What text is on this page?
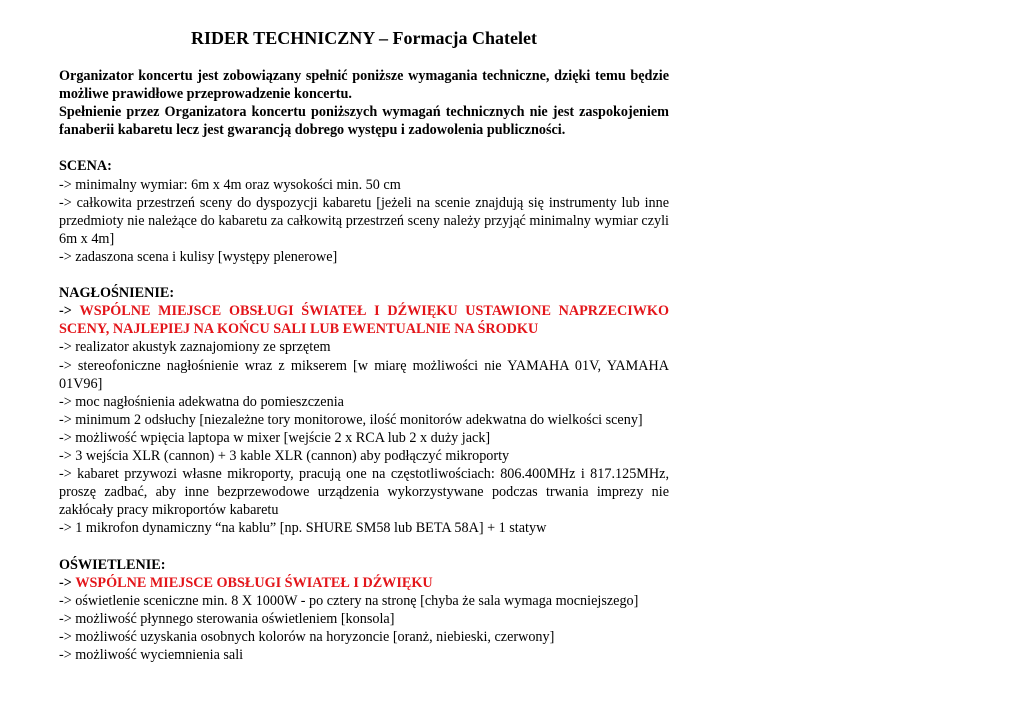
RIDER TECHNICZNY – Formacja Chatelet

Organizator koncertu jest zobowiązany spełnić poniższe wymagania techniczne, dzięki temu będzie możliwe prawidłowe przeprowadzenie koncertu.

Spełnienie przez Organizatora koncertu poniższych wymagań technicznych nie jest zaspokojeniem fanaberii kabaretu lecz jest gwarancją dobrego występu i zadowolenia publiczności.

SCENA:

-> minimalny wymiar: 6m x 4m oraz wysokości min. 50 cm

-> całkowita przestrzeń sceny do dyspozycji kabaretu [jeżeli na scenie znajdują się instrumenty lub inne przedmioty nie należące do kabaretu za całkowitą przestrzeń sceny należy przyjąć minimalny wymiar czyli 6m x 4m]

-> zadaszona scena i kulisy [występy plenerowe]

NAGŁOŚNIENIE:

-> WSPÓLNE MIEJSCE OBSŁUGI ŚWIATEŁ I DŹWIĘKU USTAWIONE NAPRZECIWKO SCENY, NAJLEPIEJ NA KOŃCU SALI LUB EWENTUALNIE NA ŚRODKU

-> realizator akustyk zaznajomiony ze sprzętem

-> stereofoniczne nagłośnienie wraz z mikserem [w miarę możliwości nie YAMAHA 01V, YAMAHA 01V96]

-> moc nagłośnienia adekwatna do pomieszczenia

-> minimum 2 odsłuchy [niezależne tory monitorowe, ilość monitorów adekwatna do wielkości sceny]

-> możliwość wpięcia laptopa w mixer [wejście 2 x RCA lub 2 x duży jack]

-> 3 wejścia XLR (cannon) + 3 kable XLR (cannon) aby podłączyć mikroporty

-> kabaret przywozi własne mikroporty, pracują one na częstotliwościach: 806.400MHz i 817.125MHz, proszę zadbać, aby inne bezprzewodowe urządzenia wykorzystywane podczas trwania imprezy nie zakłócały pracy mikroportów kabaretu

-> 1 mikrofon dynamiczny “na kablu” [np. SHURE SM58 lub BETA 58A] + 1 statyw

OŚWIETLENIE:

-> WSPÓLNE MIEJSCE OBSŁUGI ŚWIATEŁ I DŹWIĘKU

-> oświetlenie sceniczne min. 8 X 1000W - po cztery na stronę [chyba że sala wymaga mocniejszego]

-> możliwość płynnego sterowania oświetleniem [konsola]

-> możliwość uzyskania osobnych kolorów na horyzoncie [oranż, niebieski, czerwony]

-> możliwość wyciemnienia sali
